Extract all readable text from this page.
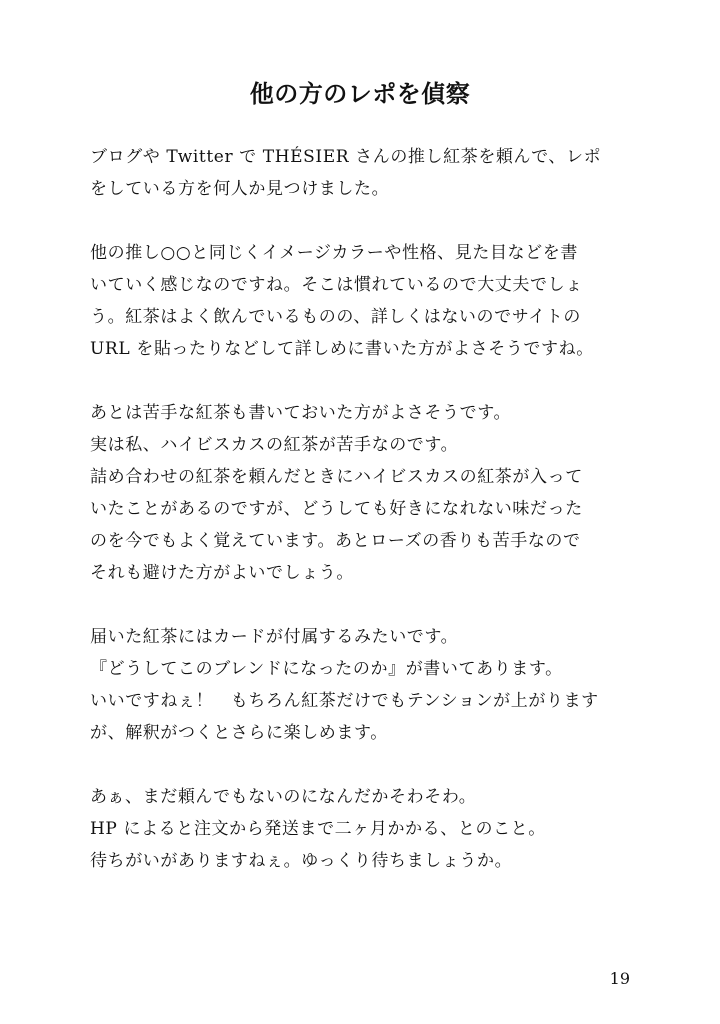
他の方のレポを偵察

ブログや Twitter で THÉSIER さんの推し紅茶を頼んで、レポ
をしている方を何人か見つけました。

他の推し○○と同じくイメージカラーや性格、見た目などを書
いていく感じなのですね。そこは慣れているので大丈夫でしょ
う。紅茶はよく飲んでいるものの、詳しくはないのでサイトの
URL を貼ったりなどして詳しめに書いた方がよさそうですね。

あとは苦手な紅茶も書いておいた方がよさそうです。
実は私、ハイビスカスの紅茶が苦手なのです。
詰め合わせの紅茶を頼んだときにハイビスカスの紅茶が入って
いたことがあるのですが、どうしても好きになれない味だった
のを今でもよく覚えています。あとローズの香りも苦手なので
それも避けた方がよいでしょう。

届いた紅茶にはカードが付属するみたいです。
『どうしてこのブレンドになったのか』が書いてあります。
いいですねぇ！　もちろん紅茶だけでもテンションが上がります
が、解釈がつくとさらに楽しめます。

あぁ、まだ頼んでもないのになんだかそわそわ。
HP によると注文から発送まで二ヶ月かかる、とのこと。
待ちがいがありますねぇ。ゆっくり待ちましょうか。

19
